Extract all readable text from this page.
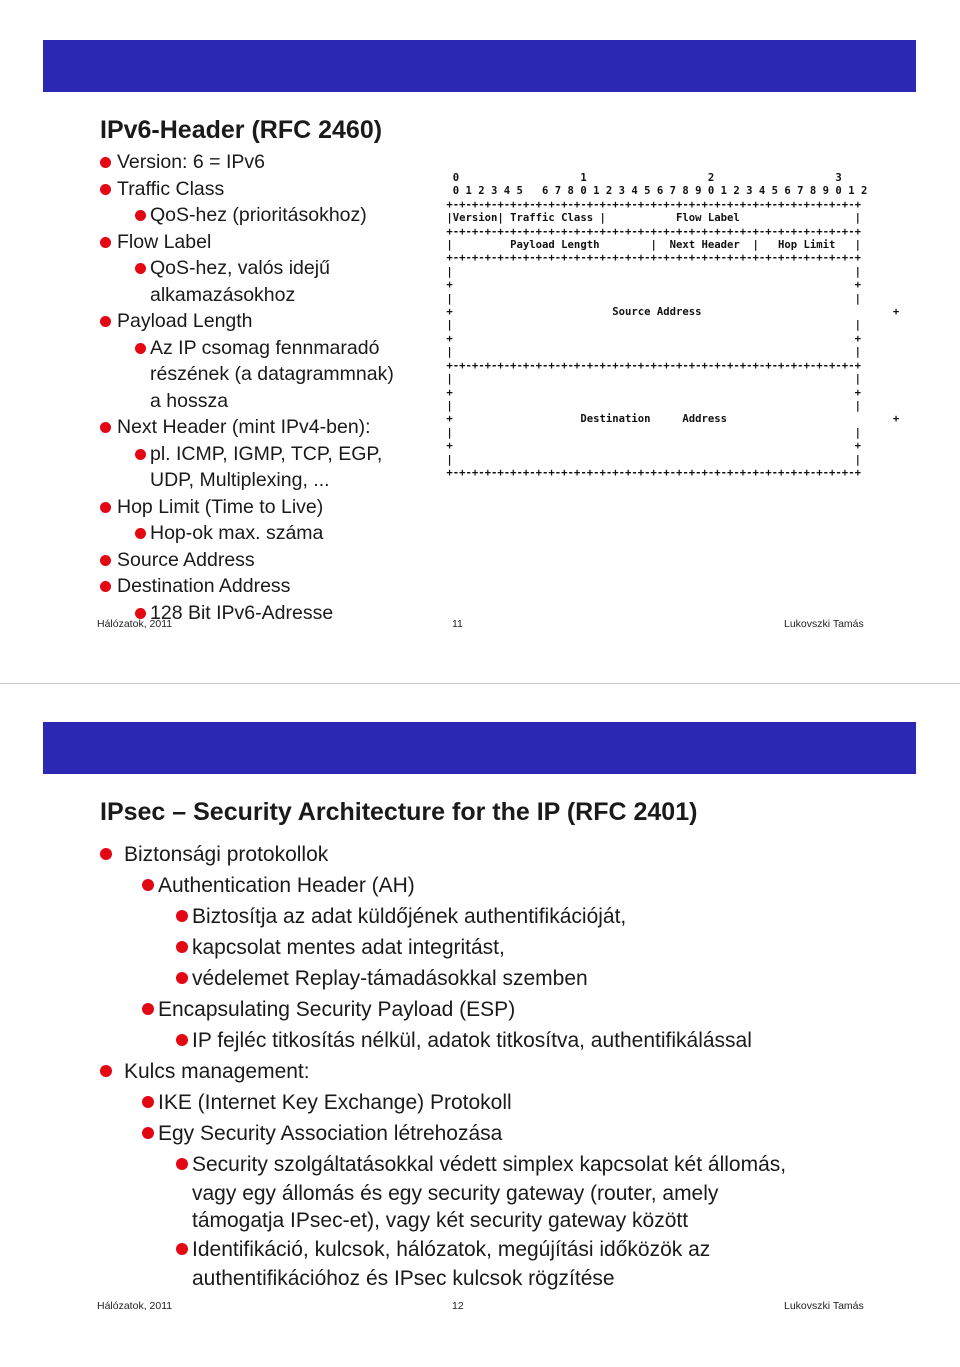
IPv6-Header (RFC 2460)
Version: 6 = IPv6
Traffic Class
QoS-hez (prioritásokhoz)
Flow Label
QoS-hez, valós idejű
alkamazásokhoz
Payload Length
Az IP csomag fennmaradó
részének (a datagrammnak)
a hossza
Next Header (mint IPv4-ben):
pl. ICMP, IGMP, TCP, EGP,
UDP, Multiplexing, ...
Hop Limit (Time to Live)
Hop-ok max. száma
Source Address
Destination Address
128 Bit IPv6-Adresse
0                   1                   2                   3
0 1 2 3 4 5   6 7 8 0 1 2 3 4 5 6 7 8 9 0 1 2 3 4 5 6 7 8 9 0 1 2
+-+-+-+-+-+-+-+-+-+-+-+-+-+-+-+-+-+-+-+-+-+-+-+-+-+-+-+-+-+-+-+-+
|Version| Traffic Class |           Flow Label                  |
+-+-+-+-+-+-+-+-+-+-+-+-+-+-+-+-+-+-+-+-+-+-+-+-+-+-+-+-+-+-+-+-+
|         Payload Length        |  Next Header  |   Hop Limit   |
+-+-+-+-+-+-+-+-+-+-+-+-+-+-+-+-+-+-+-+-+-+-+-+-+-+-+-+-+-+-+-+-+
|                                                               |
+                                                               +
|                                                               |
+                         Source Address                              +
|                                                               |
+                                                               +
|                                                               |
+-+-+-+-+-+-+-+-+-+-+-+-+-+-+-+-+-+-+-+-+-+-+-+-+-+-+-+-+-+-+-+-+
|                                                               |
+                                                               +
|                                                               |
+                    Destination     Address                          +
|                                                               |
+                                                               +
|                                                               |
+-+-+-+-+-+-+-+-+-+-+-+-+-+-+-+-+-+-+-+-+-+-+-+-+-+-+-+-+-+-+-+-+
Hálózatok, 2011	11	Lukovszki Tamás
IPsec – Security Architecture for the IP (RFC 2401)
Biztonsági protokollok
Authentication Header (AH)
Biztosítja az adat küldőjének authentifikációját,
kapcsolat mentes adat integritást,
védelemet Replay-támadásokkal szemben
Encapsulating Security Payload (ESP)
IP fejléc titkosítás nélkül, adatok titkosítva, authentifikálással
Kulcs management:
IKE (Internet Key Exchange) Protokoll
Egy Security Association létrehozása
Security szolgáltatásokkal védett simplex kapcsolat két állomás,
vagy egy állomás és egy security gateway (router, amely
támogatja IPsec-et), vagy két security gateway között
Identifikáció, kulcsok, hálózatok, megújítási időközök az
authentifikációhoz és IPsec kulcsok rögzítése
Hálózatok, 2011	12	Lukovszki Tamás
